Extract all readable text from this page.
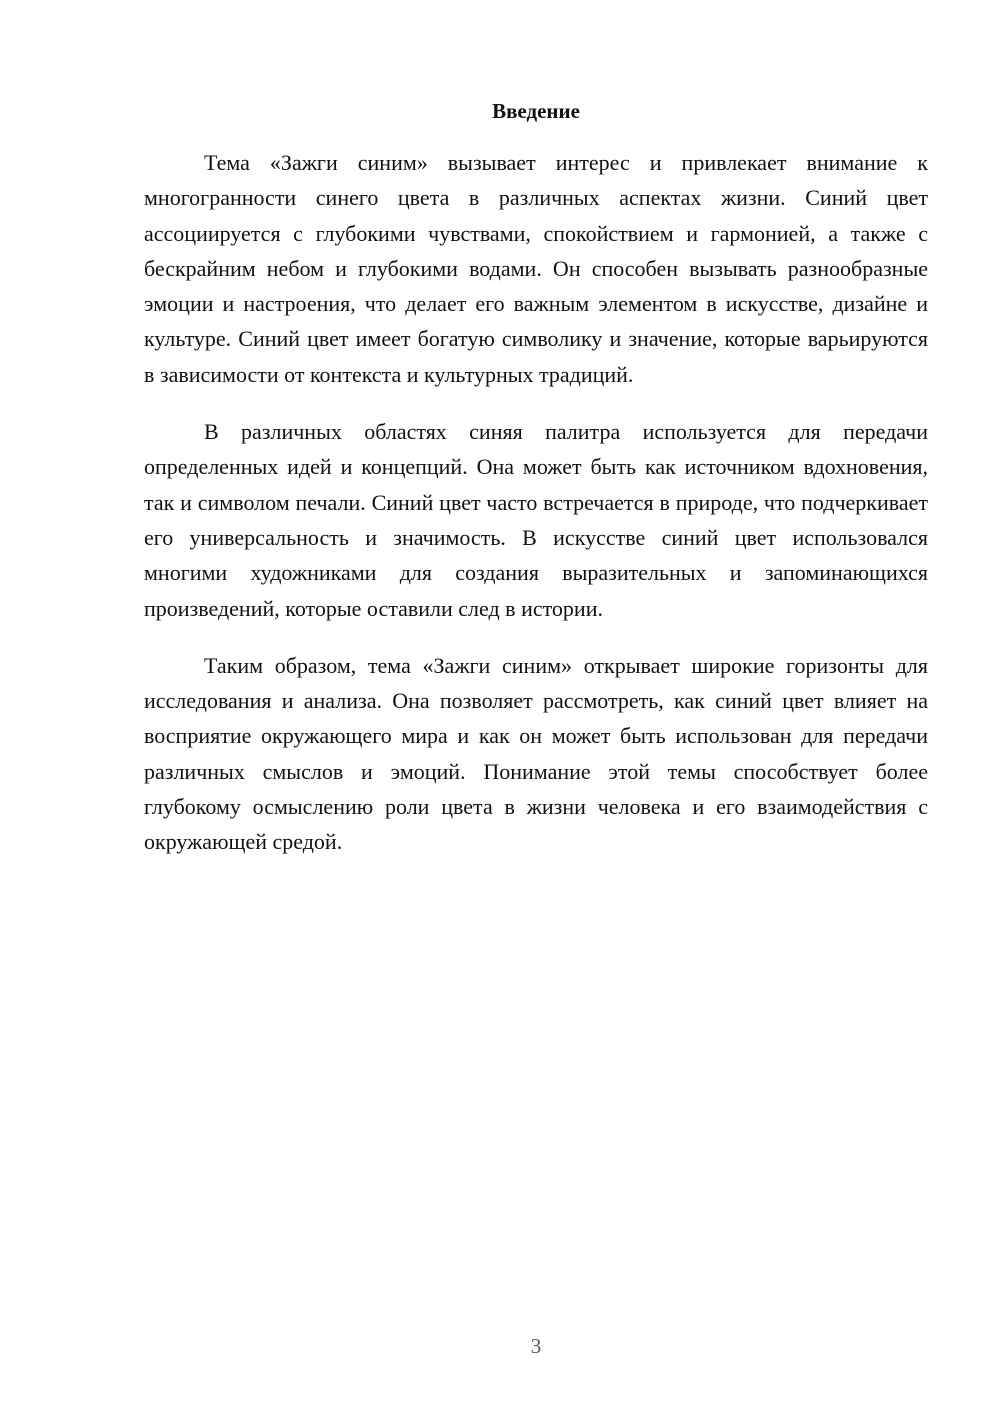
Введение

Тема «Зажги синим» вызывает интерес и привлекает внимание к многогранности синего цвета в различных аспектах жизни. Синий цвет ассоциируется с глубокими чувствами, спокойствием и гармонией, а также с бескрайним небом и глубокими водами. Он способен вызывать разнообразные эмоции и настроения, что делает его важным элементом в искусстве, дизайне и культуре. Синий цвет имеет богатую символику и значение, которые варьируются в зависимости от контекста и культурных традиций.

В различных областях синяя палитра используется для передачи определенных идей и концепций. Она может быть как источником вдохновения, так и символом печали. Синий цвет часто встречается в природе, что подчеркивает его универсальность и значимость. В искусстве синий цвет использовался многими художниками для создания выразительных и запоминающихся произведений, которые оставили след в истории.

Таким образом, тема «Зажги синим» открывает широкие горизонты для исследования и анализа. Она позволяет рассмотреть, как синий цвет влияет на восприятие окружающего мира и как он может быть использован для передачи различных смыслов и эмоций. Понимание этой темы способствует более глубокому осмыслению роли цвета в жизни человека и его взаимодействия с окружающей средой.

3
